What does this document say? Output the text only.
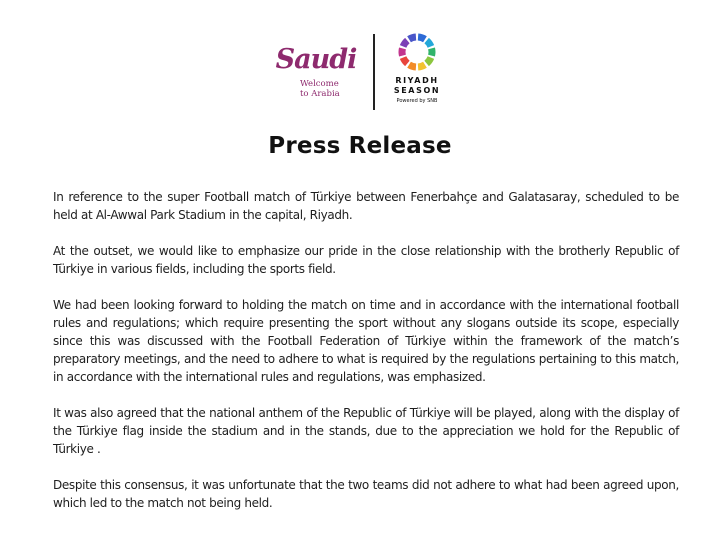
Saudi
Welcome
to Arabia
RIYADH
SEASON
Powered by SNB
Press Release

In reference to the super Football match of Türkiye between Fenerbahçe and Galatasaray, scheduled to be held at Al-Awwal Park Stadium in the capital, Riyadh.

At the outset, we would like to emphasize our pride in the close relationship with the brotherly Republic of Türkiye in various fields, including the sports field.

We had been looking forward to holding the match on time and in accordance with the international football rules and regulations; which require presenting the sport without any slogans outside its scope, especially since this was discussed with the Football Federation of Türkiye within the framework of the match’s preparatory meetings, and the need to adhere to what is required by the regulations pertaining to this match, in accordance with the international rules and regulations, was emphasized.

It was also agreed that the national anthem of the Republic of Türkiye will be played, along with the display of the Türkiye flag inside the stadium and in the stands, due to the appreciation we hold for the Republic of Türkiye .

Despite this consensus, it was unfortunate that the two teams did not adhere to what had been agreed upon, which led to the match not being held.
